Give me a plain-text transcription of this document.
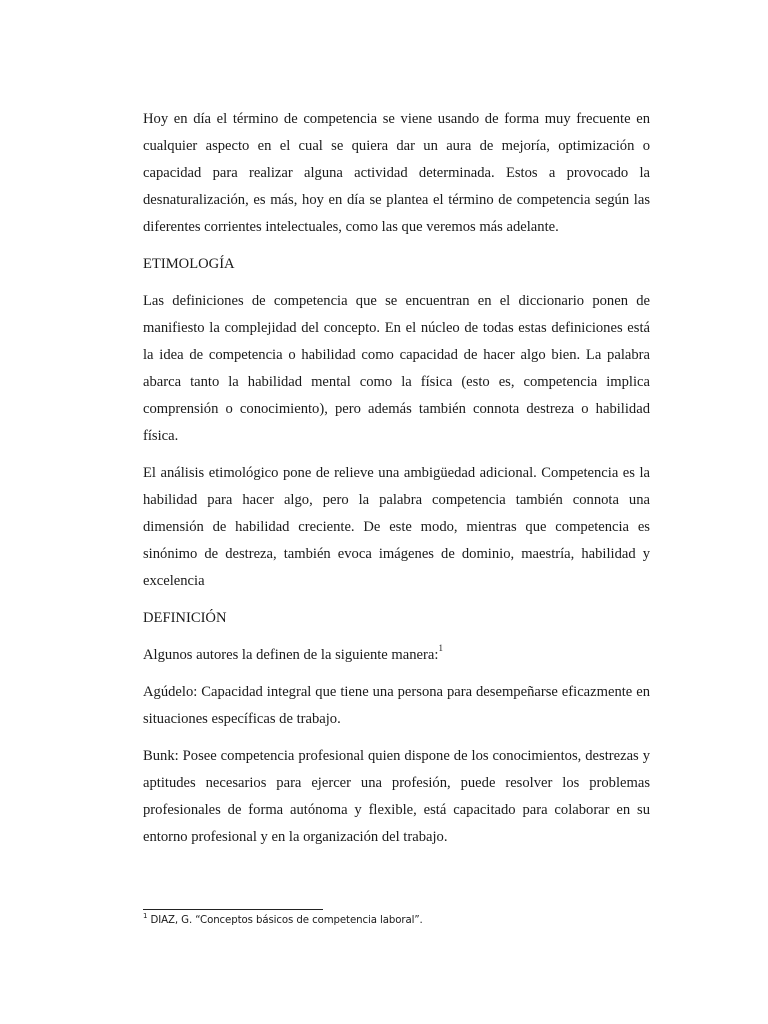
Hoy en día el término de competencia se viene usando de forma muy frecuente en cualquier aspecto en el cual se quiera dar un aura de mejoría, optimización o capacidad para realizar alguna actividad determinada. Estos a provocado la desnaturalización, es más, hoy en día se plantea el término de competencia según las diferentes corrientes intelectuales, como las que veremos más adelante.

ETIMOLOGÍA

Las definiciones de competencia que se encuentran en el diccionario ponen de manifiesto la complejidad del concepto. En el núcleo de todas estas definiciones está la idea de competencia o habilidad como capacidad de hacer algo bien. La palabra abarca tanto la habilidad mental como la física (esto es, competencia implica comprensión o conocimiento), pero además también connota destreza o habilidad física.

El análisis etimológico pone de relieve una ambigüedad adicional. Competencia es la habilidad para hacer algo, pero la palabra competencia también connota una dimensión de habilidad creciente. De este modo, mientras que competencia es sinónimo de destreza, también evoca imágenes de dominio, maestría, habilidad y excelencia

DEFINICIÓN

Algunos autores la definen de la siguiente manera:$^1$

Agúdelo: Capacidad integral que tiene una persona para desempeñarse eficazmente en situaciones específicas de trabajo.

Bunk: Posee competencia profesional quien dispone de los conocimientos, destrezas y aptitudes necesarios para ejercer una profesión, puede resolver los problemas profesionales de forma autónoma y flexible, está capacitado para colaborar en su entorno profesional y en la organización del trabajo.

$^1$ DIAZ, G. “Conceptos básicos de competencia laboral”.
